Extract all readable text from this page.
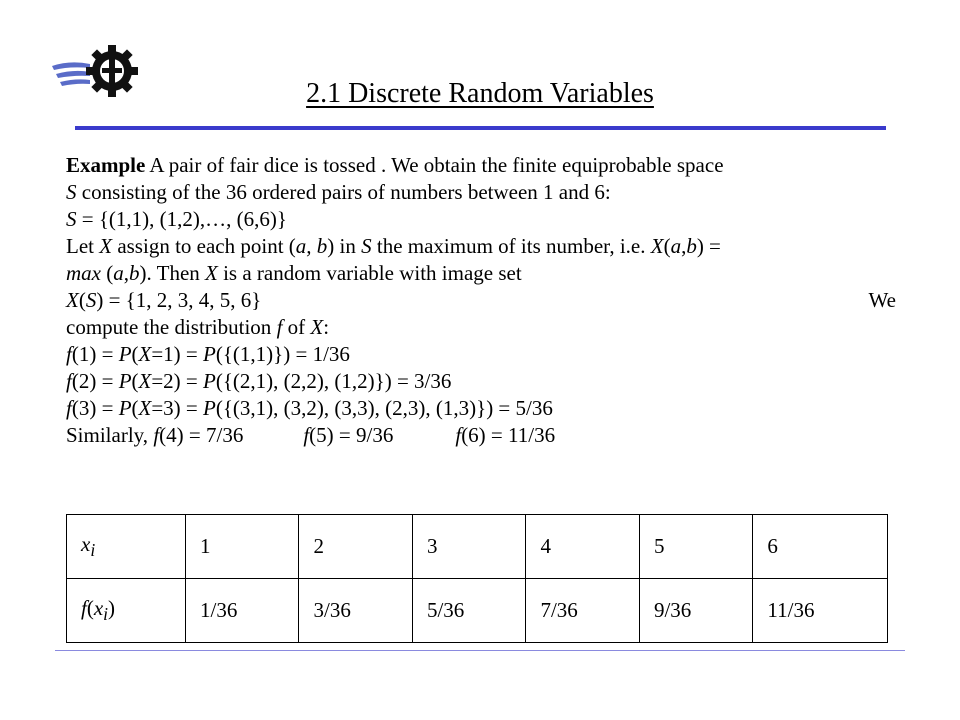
2.1 Discrete Random Variables
Example A pair of fair dice is tossed . We obtain the finite equiprobable space
S consisting of the 36 ordered pairs of numbers between 1 and 6:
S = {(1,1), (1,2),…, (6,6)}
Let X assign to each point (a, b) in S the maximum of its number, i.e. X(a,b) =
max (a,b). Then X is a random variable with image set
X(S) = {1, 2, 3, 4, 5, 6}	We
compute the distribution f of X:
f(1) = P(X=1) = P({(1,1)}) = 1/36
f(2) = P(X=2) = P({(2,1), (2,2), (1,2)}) = 3/36
f(3) = P(X=3) = P({(3,1), (3,2), (3,3), (2,3), (1,3)}) = 5/36
Similarly, f(4) = 7/36	f(5) = 9/36	f(6) = 11/36
$x_i$	1	2	3	4	5	6
$f(x_i)$	1/36	3/36	5/36	7/36	9/36	11/36
